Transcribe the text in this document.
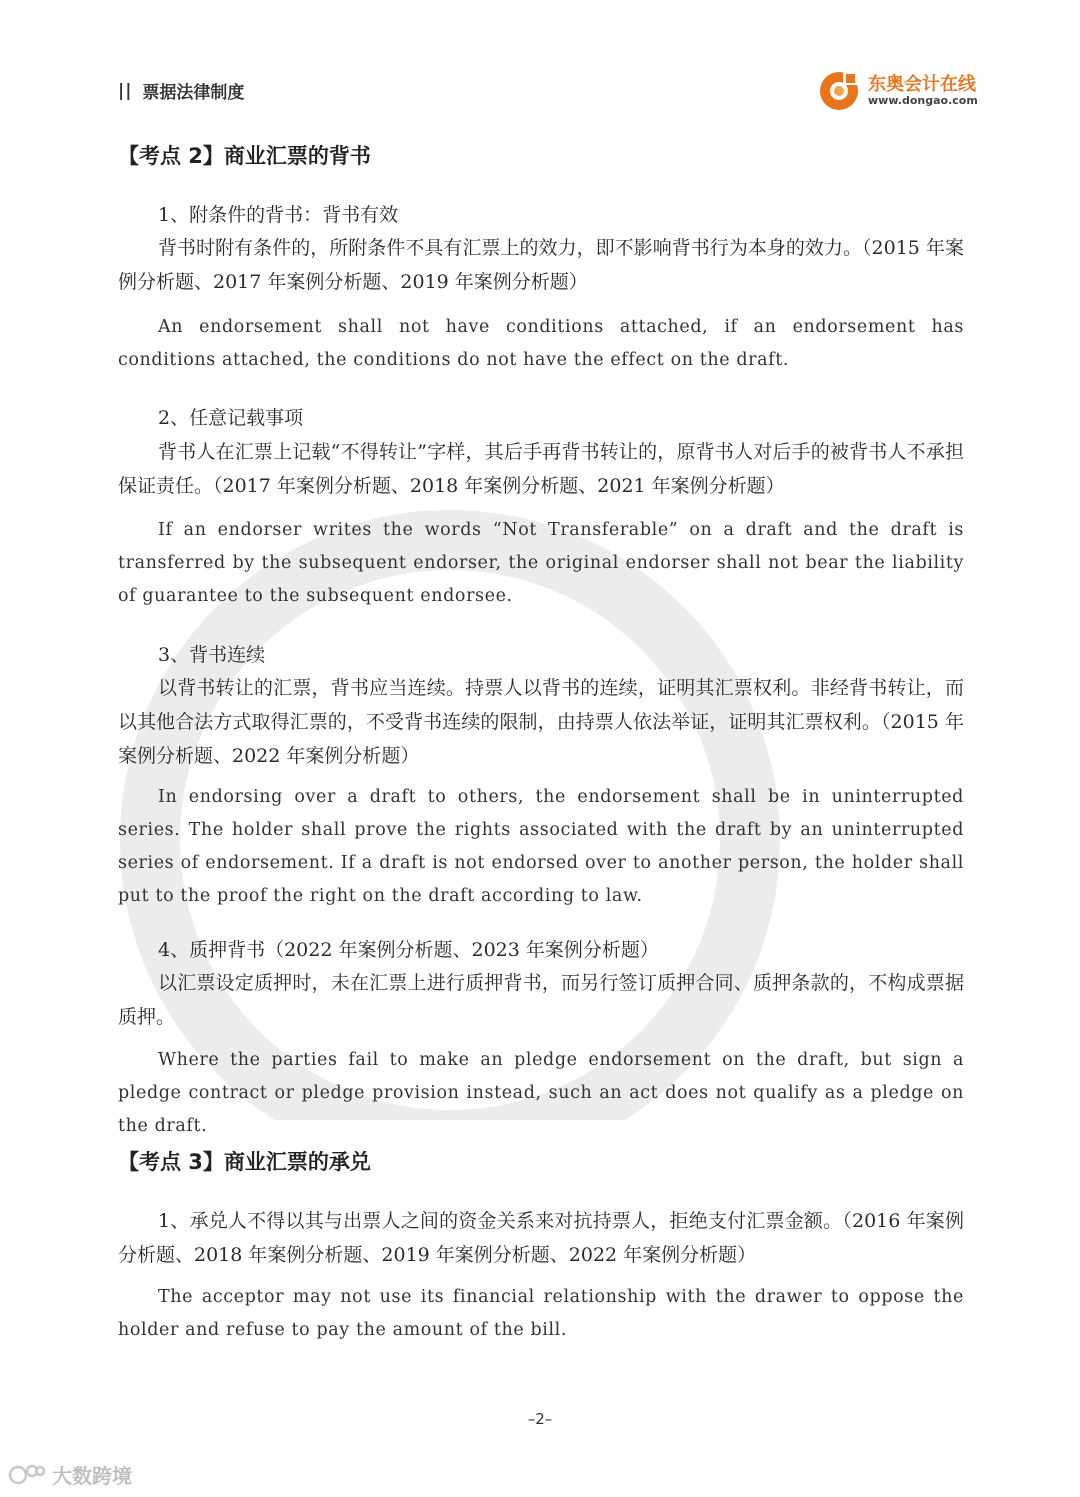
|| 票据法律制度	东奥会计在线
www.dongao.com
【考点 2】商业汇票的背书
1、附条件的背书：背书有效
背书时附有条件的，所附条件不具有汇票上的效力，即不影响背书行为本身的效力。（2015 年案例分析题、2017 年案例分析题、2019 年案例分析题）
An endorsement shall not have conditions attached, if an endorsement has conditions attached, the conditions do not have the effect on the draft.
2、任意记载事项
背书人在汇票上记载“不得转让”字样，其后手再背书转让的，原背书人对后手的被背书人不承担保证责任。（2017 年案例分析题、2018 年案例分析题、2021 年案例分析题）
If an endorser writes the words “Not Transferable” on a draft and the draft is transferred by the subsequent endorser, the original endorser shall not bear the liability of guarantee to the subsequent endorsee.
3、背书连续
以背书转让的汇票，背书应当连续。持票人以背书的连续，证明其汇票权利。非经背书转让，而以其他合法方式取得汇票的，不受背书连续的限制，由持票人依法举证，证明其汇票权利。（2015 年案例分析题、2022 年案例分析题）
In endorsing over a draft to others, the endorsement shall be in uninterrupted series. The holder shall prove the rights associated with the draft by an uninterrupted series of endorsement. If a draft is not endorsed over to another person, the holder shall put to the proof the right on the draft according to law.
4、质押背书（2022 年案例分析题、2023 年案例分析题）
以汇票设定质押时，未在汇票上进行质押背书，而另行签订质押合同、质押条款的，不构成票据质押。
Where the parties fail to make an pledge endorsement on the draft, but sign a pledge contract or pledge provision instead, such an act does not qualify as a pledge on the draft.
【考点 3】商业汇票的承兑
1、承兑人不得以其与出票人之间的资金关系来对抗持票人，拒绝支付汇票金额。（2016 年案例分析题、2018 年案例分析题、2019 年案例分析题、2022 年案例分析题）
The acceptor may not use its financial relationship with the drawer to oppose the holder and refuse to pay the amount of the bill.
–2–
大数跨境
